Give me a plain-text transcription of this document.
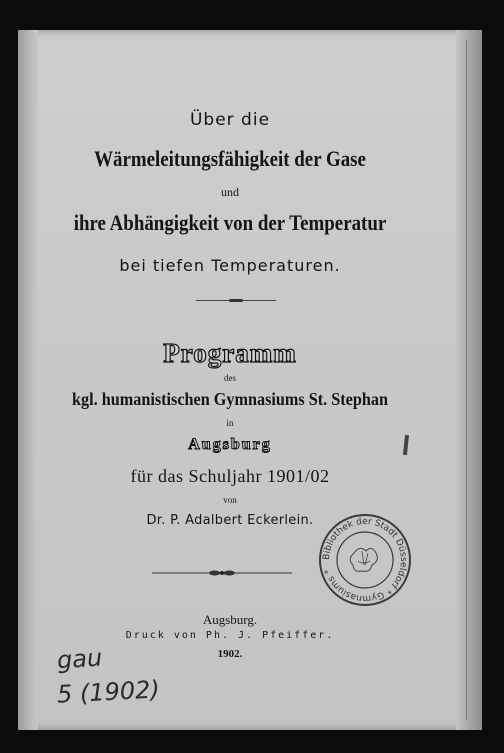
Über die
Wärmeleitungsfähigkeit der Gase
und
ihre Abhängigkeit von der Temperatur
bei tiefen Temperaturen.
Programm
des
kgl. humanistischen Gymnasiums St. Stephan
in
Augsburg
für das Schuljahr 1901/02
von
Dr. P. Adalbert Eckerlein.
Augsburg.
Druck von Ph. J. Pfeiffer.
1902.
Bibliothek der Stadt Düsseldorf * Gymnasiums *
gau
5 (1902)
